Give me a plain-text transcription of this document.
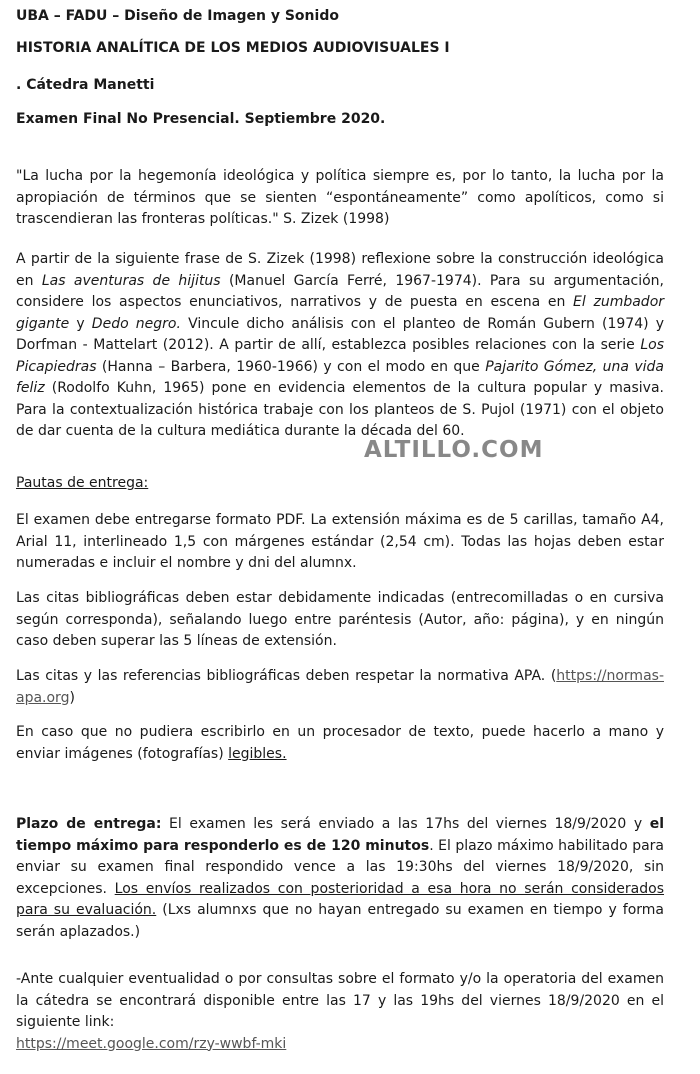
UBA – FADU – Diseño de Imagen y Sonido

HISTORIA ANALÍTICA DE LOS MEDIOS AUDIOVISUALES I

. Cátedra Manetti

Examen Final No Presencial. Septiembre 2020.

"La lucha por la hegemonía ideológica y política siempre es, por lo tanto, la lucha por la apropiación de términos que se sienten “espontáneamente” como apolíticos, como si trascendieran las fronteras políticas." S. Zizek (1998)

A partir de la siguiente frase de S. Zizek (1998) reflexione sobre la construcción ideológica en Las aventuras de hijitus (Manuel García Ferré, 1967-1974). Para su argumentación, considere los aspectos enunciativos, narrativos y de puesta en escena en El zumbador gigante y Dedo negro. Vincule dicho análisis con el planteo de Román Gubern (1974) y Dorfman - Mattelart (2012). A partir de allí, establezca posibles relaciones con la serie Los Picapiedras (Hanna – Barbera, 1960-1966) y con el modo en que Pajarito Gómez, una vida feliz (Rodolfo Kuhn, 1965) pone en evidencia elementos de la cultura popular y masiva. Para la contextualización histórica trabaje con los planteos de S. Pujol (1971) con el objeto de dar cuenta de la cultura mediática durante la década del 60.

Pautas de entrega:

El examen debe entregarse formato PDF. La extensión máxima es de 5 carillas, tamaño A4, Arial 11, interlineado 1,5 con márgenes estándar (2,54 cm). Todas las hojas deben estar numeradas e incluir el nombre y dni del alumnx.

Las citas bibliográficas deben estar debidamente indicadas (entrecomilladas o en cursiva según corresponda), señalando luego entre paréntesis (Autor, año: página), y en ningún caso deben superar las 5 líneas de extensión.

Las citas y las referencias bibliográficas deben respetar la normativa APA. (https://normas-apa.org)

En caso que no pudiera escribirlo en un procesador de texto, puede hacerlo a mano y enviar imágenes (fotografías) legibles.

Plazo de entrega: El examen les será enviado a las 17hs del viernes 18/9/2020 y el tiempo máximo para responderlo es de 120 minutos. El plazo máximo habilitado para enviar su examen final respondido vence a las 19:30hs del viernes 18/9/2020, sin excepciones. Los envíos realizados con posterioridad a esa hora no serán considerados para su evaluación. (Lxs alumnxs que no hayan entregado su examen en tiempo y forma serán aplazados.)

-Ante cualquier eventualidad o por consultas sobre el formato y/o la operatoria del examen la cátedra se encontrará disponible entre las 17 y las 19hs del viernes 18/9/2020 en el siguiente link:

https://meet.google.com/rzy-wwbf-mki

ALTILLO.COM
